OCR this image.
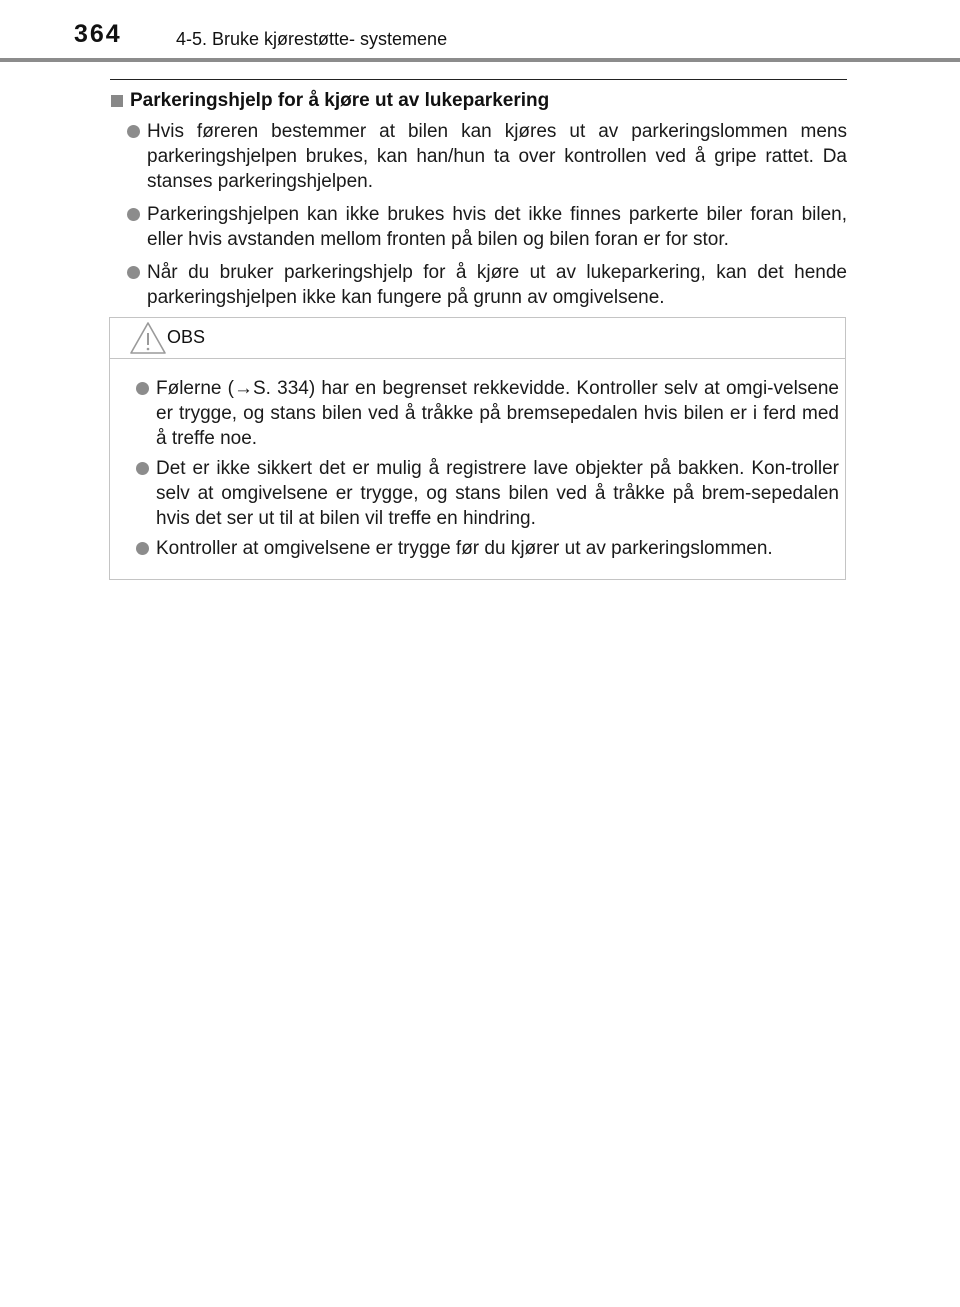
364	4-5. Bruke kjørestøtte- systemene
Parkeringshjelp for å kjøre ut av lukeparkering
Hvis føreren bestemmer at bilen kan kjøres ut av parkeringslommen mens parkeringshjelpen brukes, kan han/hun ta over kontrollen ved å gripe rattet. Da stanses parkeringshjelpen.
Parkeringshjelpen kan ikke brukes hvis det ikke finnes parkerte biler foran bilen, eller hvis avstanden mellom fronten på bilen og bilen foran er for stor.
Når du bruker parkeringshjelp for å kjøre ut av lukeparkering, kan det hende parkeringshjelpen ikke kan fungere på grunn av omgivelsene.
OBS
Følerne (→S. 334) har en begrenset rekkevidde. Kontroller selv at omgi-velsene er trygge, og stans bilen ved å tråkke på bremsepedalen hvis bilen er i ferd med å treffe noe.
Det er ikke sikkert det er mulig å registrere lave objekter på bakken. Kon-troller selv at omgivelsene er trygge, og stans bilen ved å tråkke på brem-sepedalen hvis det ser ut til at bilen vil treffe en hindring.
Kontroller at omgivelsene er trygge før du kjører ut av parkeringslommen.
